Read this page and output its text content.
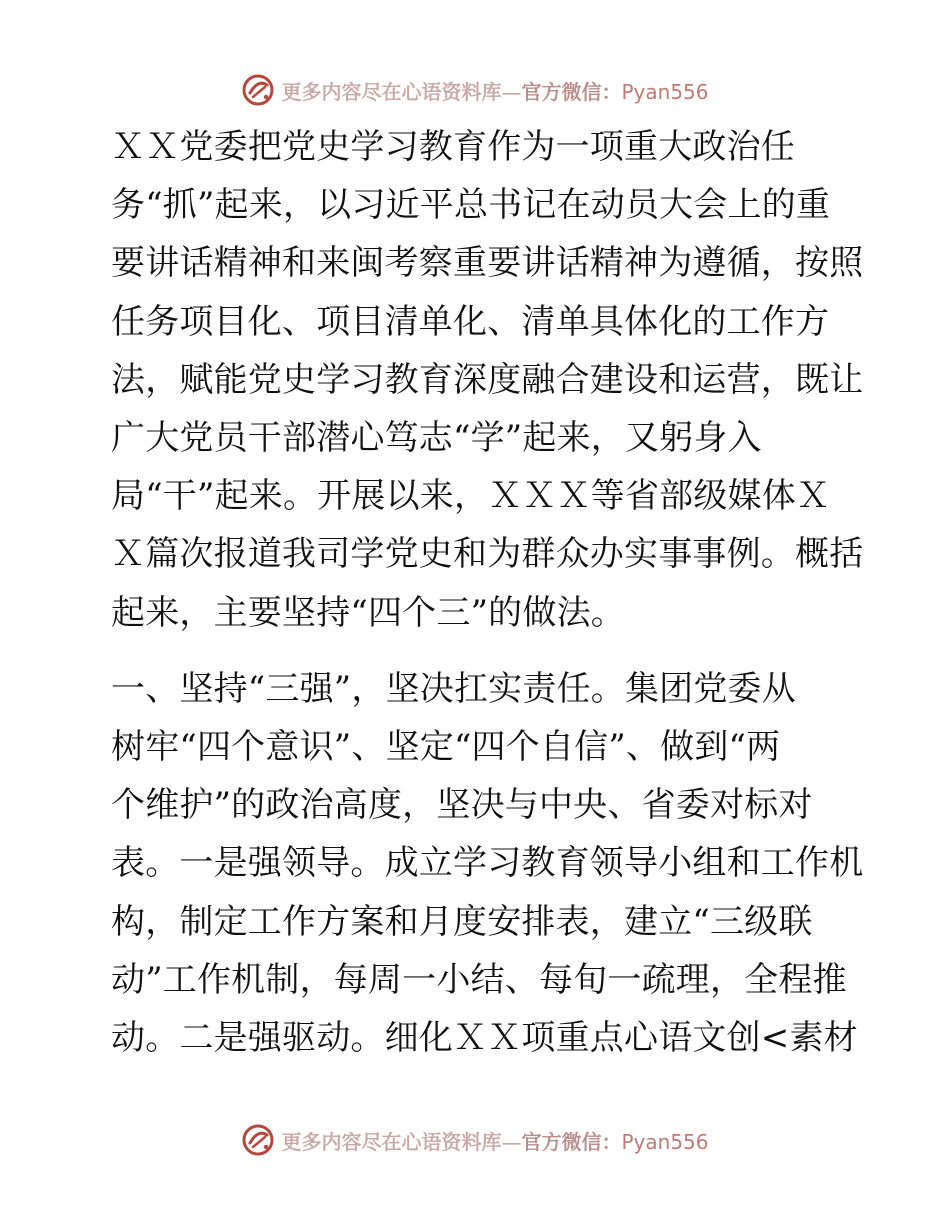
更多内容尽在心语资料库—官方微信：Pyan556

ＸＸ党委把党史学习教育作为一项重大政治任
务“抓”起来，以习近平总书记在动员大会上的重
要讲话精神和来闽考察重要讲话精神为遵循，按照
任务项目化、项目清单化、清单具体化的工作方
法，赋能党史学习教育深度融合建设和运营，既让
广大党员干部潜心笃志“学”起来，又躬身入
局“干”起来。开展以来，ＸＸＸ等省部级媒体Ｘ
Ｘ篇次报道我司学党史和为群众办实事事例。概括
起来，主要坚持“四个三”的做法。

一、坚持“三强”，坚决扛实责任。集团党委从
树牢“四个意识”、坚定“四个自信”、做到“两
个维护”的政治高度，坚决与中央、省委对标对
表。一是强领导。成立学习教育领导小组和工作机
构，制定工作方案和月度安排表，建立“三级联
动”工作机制，每周一小结、每旬一疏理，全程推
动。二是强驱动。细化ＸＸ项重点心语文创<素材

更多内容尽在心语资料库—官方微信：Pyan556
